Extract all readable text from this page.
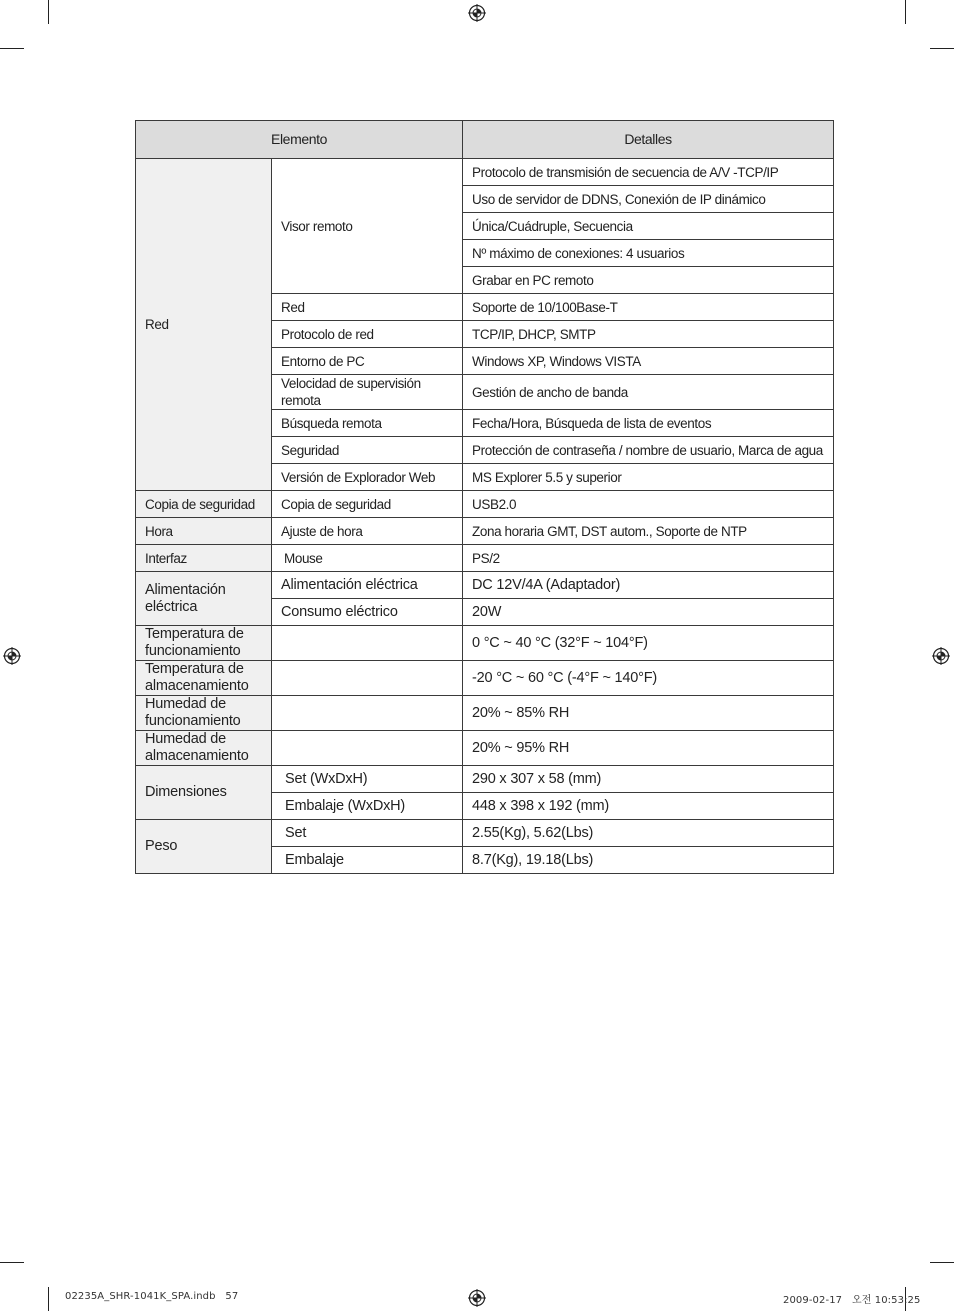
Elemento		Detalles
Red	Visor remoto	Protocolo de transmisión de secuencia de A/V -TCP/IP
		Uso de servidor de DDNS, Conexión de IP dinámico
		Única/Cuádruple, Secuencia
		Nº máximo de conexiones: 4 usuarios
		Grabar en PC remoto
	Red	Soporte de 10/100Base-T
	Protocolo de red	TCP/IP, DHCP, SMTP
	Entorno de PC	Windows XP, Windows VISTA
	Velocidad de supervisión remota	Gestión de ancho de banda
	Búsqueda remota	Fecha/Hora, Búsqueda de lista de eventos
	Seguridad	Protección de contraseña / nombre de usuario, Marca de agua
	Versión de Explorador Web	MS Explorer 5.5 y superior
Copia de seguridad	Copia de seguridad	USB2.0
Hora	Ajuste de hora	Zona horaria GMT, DST autom., Soporte de NTP
Interfaz	Mouse	PS/2
Alimentación eléctrica	Alimentación eléctrica	DC 12V/4A (Adaptador)
	Consumo eléctrico	20W
Temperatura de funcionamiento		0 °C ~ 40 °C (32°F ~ 104°F)
Temperatura de almacenamiento		-20 °C ~ 60 °C (-4°F ~ 140°F)
Humedad de funcionamiento		20% ~ 85% RH
Humedad de almacenamiento		20% ~ 95% RH
Dimensiones	Set (WxDxH)	290 x 307 x 58 (mm)
	Embalaje (WxDxH)	448 x 398 x 192 (mm)
Peso	Set	2.55(Kg), 5.62(Lbs)
	Embalaje	8.7(Kg), 19.18(Lbs)
02235A_SHR-1041K_SPA.indb   57	2009-02-17   오전 10:53:25
